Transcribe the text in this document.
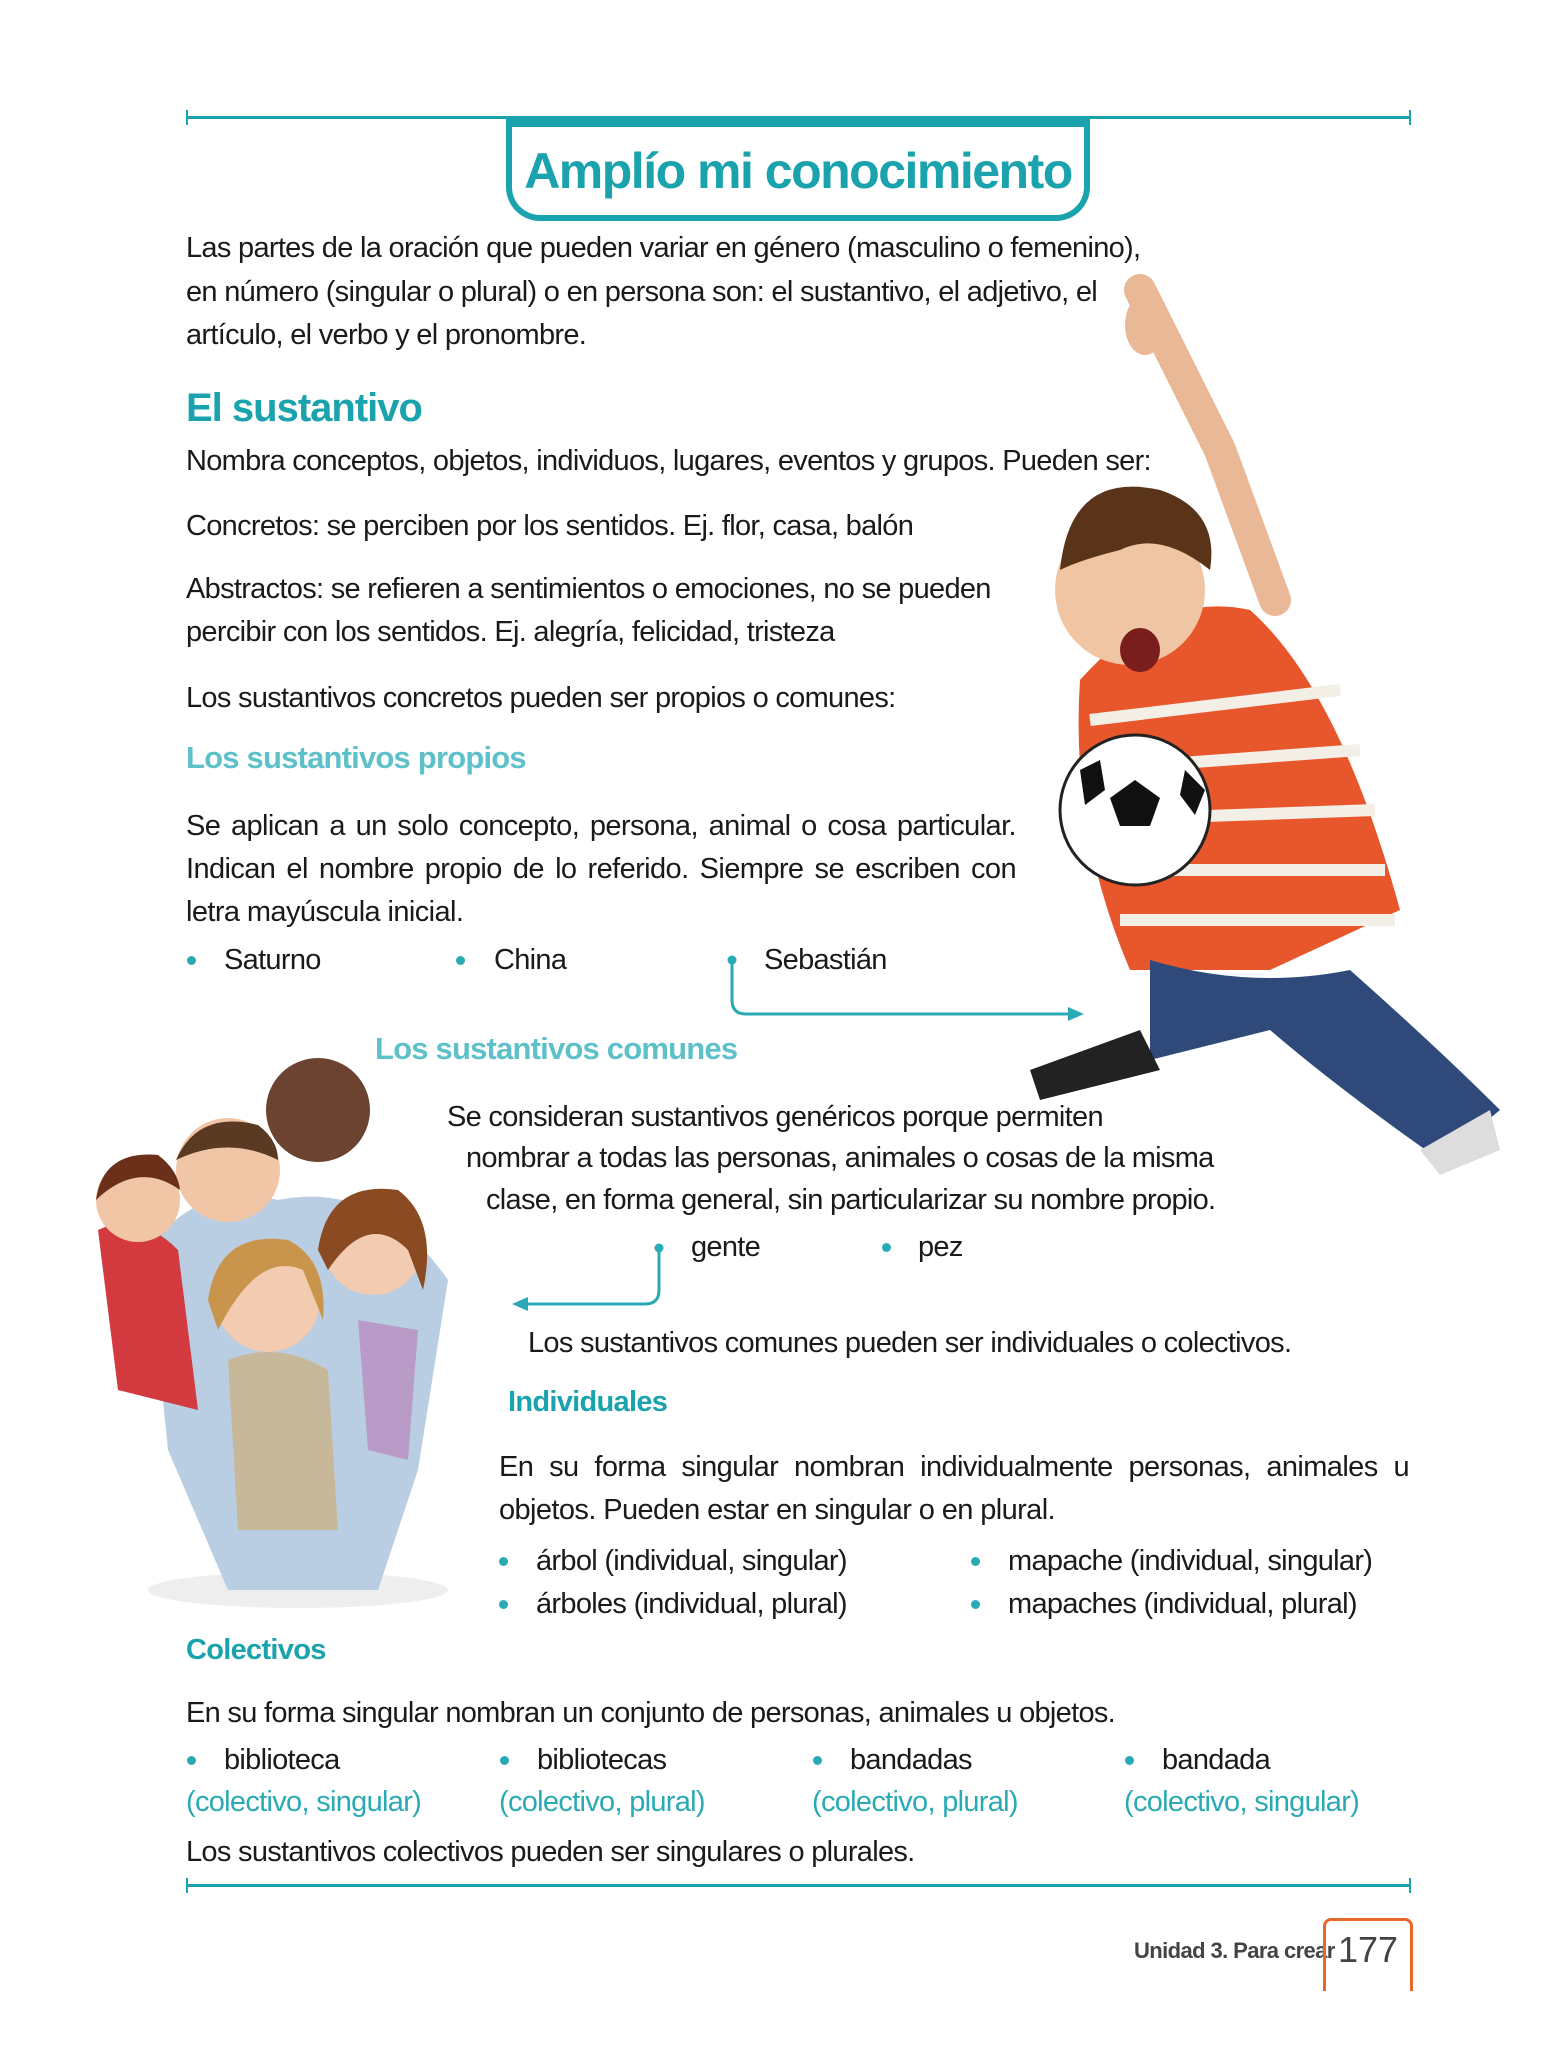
Amplío mi conocimiento
Las partes de la oración que pueden variar en género (masculino o femenino),
en número (singular o plural) o en persona son: el sustantivo, el adjetivo, el
artículo, el verbo y el pronombre.
El sustantivo
Nombra conceptos, objetos, individuos, lugares, eventos y grupos. Pueden ser:
Concretos: se perciben por los sentidos. Ej. flor, casa, balón
Abstractos: se refieren a sentimientos o emociones, no se pueden
percibir con los sentidos. Ej. alegría, felicidad, tristeza
Los sustantivos concretos pueden ser propios o comunes:
Los sustantivos propios
Se aplican a un solo concepto, persona, animal o cosa particular. Indican el nombre propio de lo referido. Siempre se escriben con letra mayúscula inicial.
Saturno	China	Sebastián
Los sustantivos comunes
Se consideran sustantivos genéricos porque permiten
nombrar a todas las personas, animales o cosas de la misma
clase, en forma general, sin particularizar su nombre propio.
gente	pez
Los sustantivos comunes pueden ser individuales o colectivos.
Individuales
En su forma singular nombran individualmente personas, animales u objetos. Pueden estar en singular o en plural.
árbol (individual, singular)	mapache (individual, singular)
árboles (individual, plural)	mapaches (individual, plural)
Colectivos
En su forma singular nombran un conjunto de personas, animales u objetos.
biblioteca
(colectivo, singular)
bibliotecas
(colectivo, plural)
bandadas
(colectivo, plural)
bandada
(colectivo, singular)
Los sustantivos colectivos pueden ser singulares o plurales.
Unidad 3. Para crear 177
